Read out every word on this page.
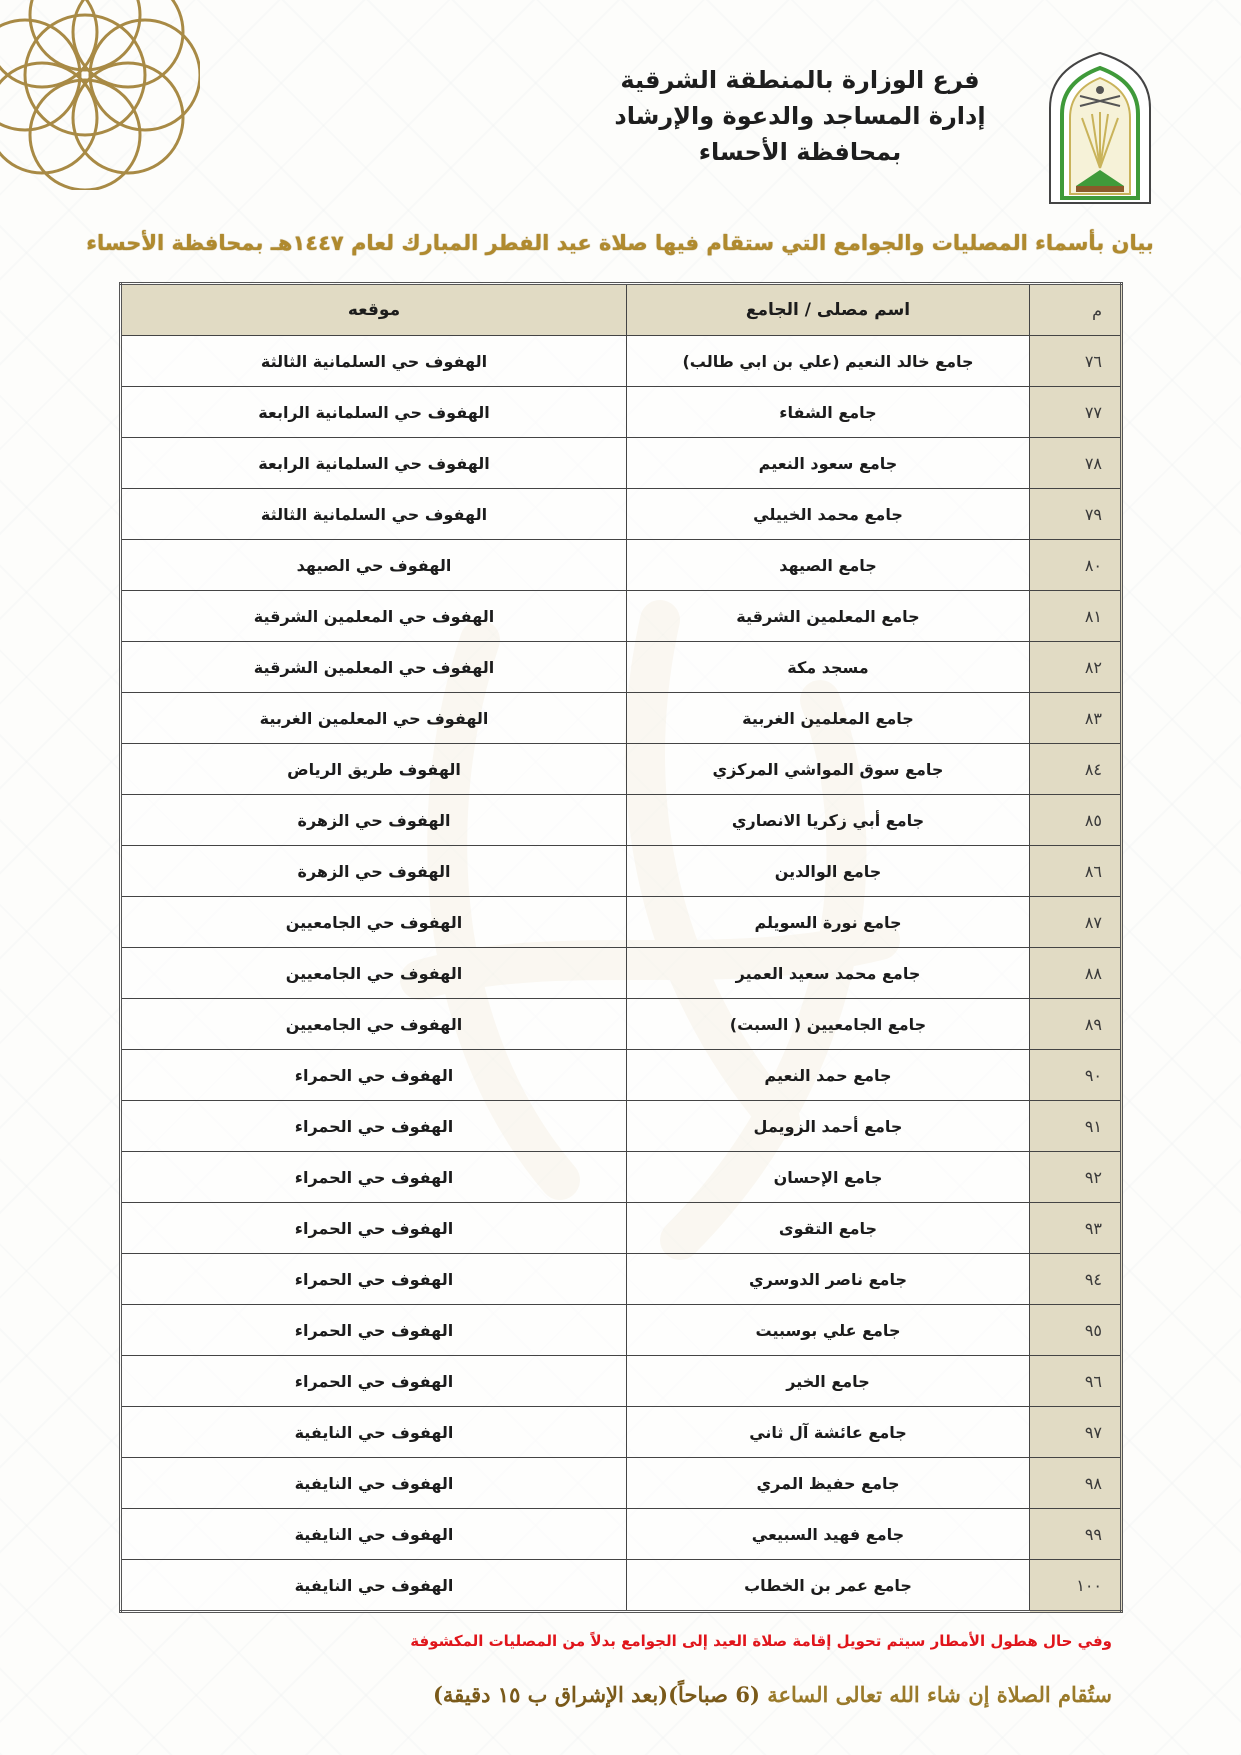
فرع الوزارة بالمنطقة الشرقية
إدارة المساجد والدعوة والإرشاد
بمحافظة الأحساء
بيان بأسماء المصليات والجوامع التي ستقام فيها صلاة عيد الفطر المبارك لعام ١٤٤٧هـ بمحافظة الأحساء
م	اسم مصلى / الجامع	موقعه
٧٦	جامع خالد النعيم (علي بن ابي طالب)	الهفوف حي السلمانية الثالثة
٧٧	جامع الشفاء	الهفوف حي السلمانية الرابعة
٧٨	جامع سعود النعيم	الهفوف حي السلمانية الرابعة
٧٩	جامع محمد الخييلي	الهفوف حي السلمانية الثالثة
٨٠	جامع الصيهد	الهفوف حي الصيهد
٨١	جامع المعلمين الشرقية	الهفوف حي المعلمين الشرقية
٨٢	مسجد مكة	الهفوف حي المعلمين الشرقية
٨٣	جامع المعلمين الغربية	الهفوف حي المعلمين الغربية
٨٤	جامع سوق المواشي المركزي	الهفوف طريق الرياض
٨٥	جامع أبي زكريا الانصاري	الهفوف حي الزهرة
٨٦	جامع الوالدين	الهفوف حي الزهرة
٨٧	جامع نورة السويلم	الهفوف حي الجامعيين
٨٨	جامع محمد سعيد العمير	الهفوف حي الجامعيين
٨٩	جامع الجامعيين ( السبت)	الهفوف حي الجامعيين
٩٠	جامع حمد النعيم	الهفوف حي الحمراء
٩١	جامع أحمد الزويمل	الهفوف حي الحمراء
٩٢	جامع الإحسان	الهفوف حي الحمراء
٩٣	جامع التقوى	الهفوف حي الحمراء
٩٤	جامع ناصر الدوسري	الهفوف حي الحمراء
٩٥	جامع علي بوسبيت	الهفوف حي الحمراء
٩٦	جامع الخير	الهفوف حي الحمراء
٩٧	جامع عائشة آل ثاني	الهفوف حي النايفية
٩٨	جامع حفيظ المري	الهفوف حي النايفية
٩٩	جامع فهيد السبيعي	الهفوف حي النايفية
١٠٠	جامع عمر بن الخطاب	الهفوف حي النايفية
وفي حال هطول الأمطار سيتم تحويل إقامة صلاة العيد إلى الجوامع بدلاً من المصليات المكشوفة
ستُقام الصلاة إن شاء الله تعالى الساعة (6 صباحاً)(بعد الإشراق ب ١٥ دقيقة)
